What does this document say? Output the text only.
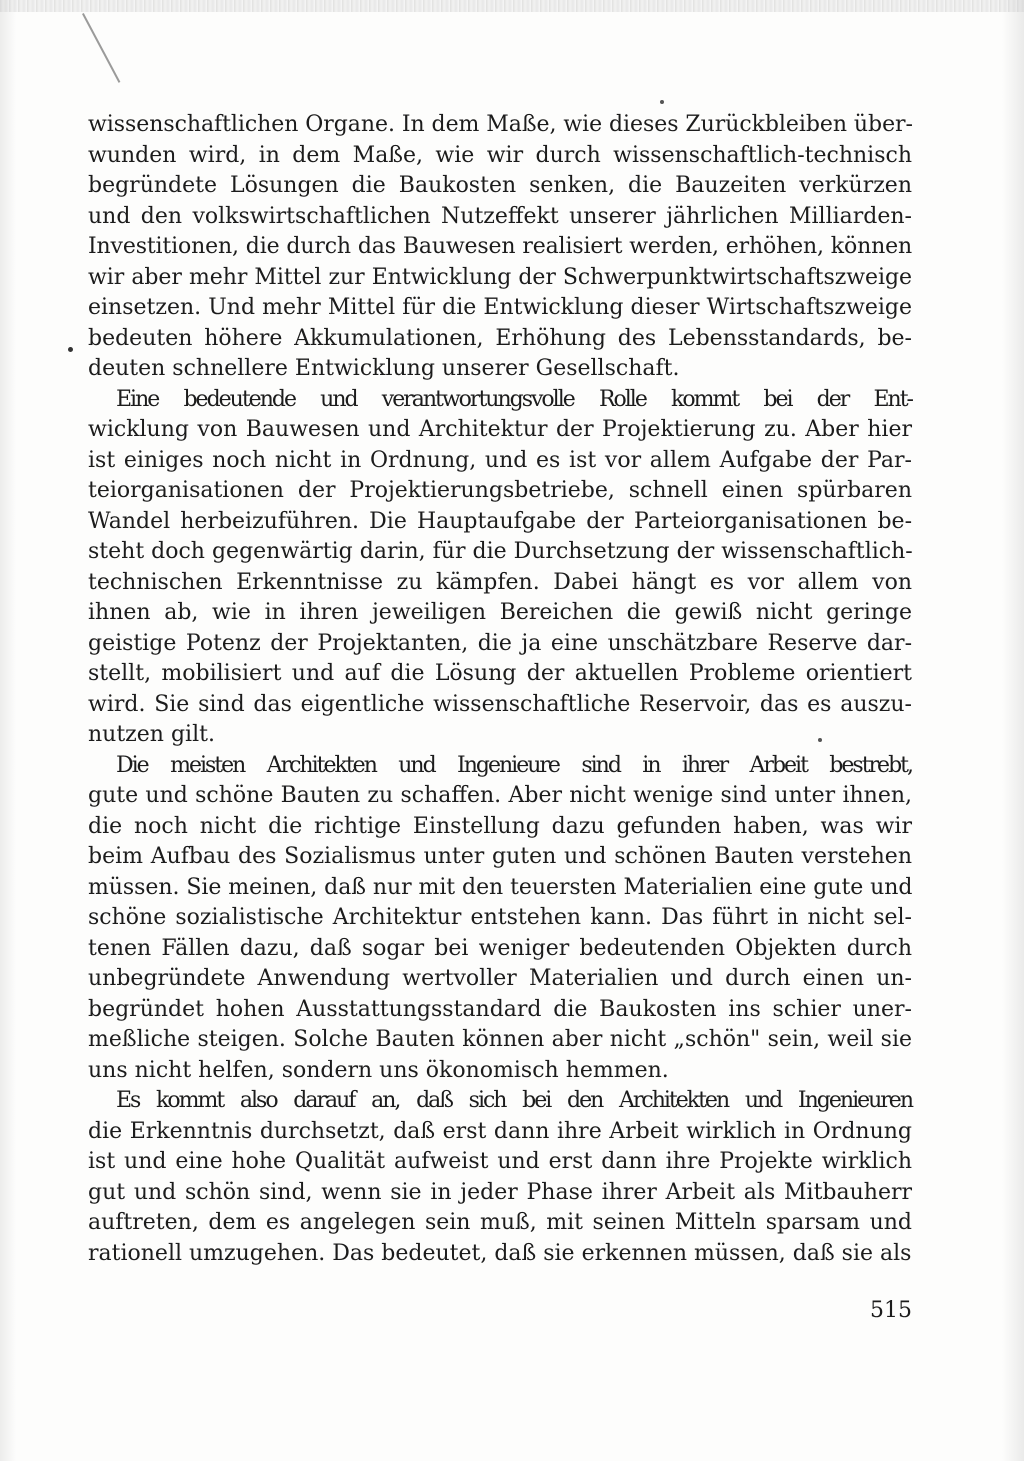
wissenschaftlichen Organe. In dem Maße, wie dieses Zurückbleiben über-
wunden wird, in dem Maße, wie wir durch wissenschaftlich-technisch
begründete Lösungen die Baukosten senken, die Bauzeiten verkürzen
und den volkswirtschaftlichen Nutzeffekt unserer jährlichen Milliarden-
Investitionen, die durch das Bauwesen realisiert werden, erhöhen, können
wir aber mehr Mittel zur Entwicklung der Schwerpunktwirtschaftszweige
einsetzen. Und mehr Mittel für die Entwicklung dieser Wirtschaftszweige
bedeuten höhere Akkumulationen, Erhöhung des Lebensstandards, be-
deuten schnellere Entwicklung unserer Gesellschaft.

Eine bedeutende und verantwortungsvolle Rolle kommt bei der Ent-
wicklung von Bauwesen und Architektur der Projektierung zu. Aber hier
ist einiges noch nicht in Ordnung, und es ist vor allem Aufgabe der Par-
teiorganisationen der Projektierungsbetriebe, schnell einen spürbaren
Wandel herbeizuführen. Die Hauptaufgabe der Parteiorganisationen be-
steht doch gegenwärtig darin, für die Durchsetzung der wissenschaftlich-
technischen Erkenntnisse zu kämpfen. Dabei hängt es vor allem von
ihnen ab, wie in ihren jeweiligen Bereichen die gewiß nicht geringe
geistige Potenz der Projektanten, die ja eine unschätzbare Reserve dar-
stellt, mobilisiert und auf die Lösung der aktuellen Probleme orientiert
wird. Sie sind das eigentliche wissenschaftliche Reservoir, das es auszu-
nutzen gilt.

Die meisten Architekten und Ingenieure sind in ihrer Arbeit bestrebt,
gute und schöne Bauten zu schaffen. Aber nicht wenige sind unter ihnen,
die noch nicht die richtige Einstellung dazu gefunden haben, was wir
beim Aufbau des Sozialismus unter guten und schönen Bauten verstehen
müssen. Sie meinen, daß nur mit den teuersten Materialien eine gute und
schöne sozialistische Architektur entstehen kann. Das führt in nicht sel-
tenen Fällen dazu, daß sogar bei weniger bedeutenden Objekten durch
unbegründete Anwendung wertvoller Materialien und durch einen un-
begründet hohen Ausstattungsstandard die Baukosten ins schier uner-
meßliche steigen. Solche Bauten können aber nicht „schön" sein, weil sie
uns nicht helfen, sondern uns ökonomisch hemmen.

Es kommt also darauf an, daß sich bei den Architekten und Ingenieuren
die Erkenntnis durchsetzt, daß erst dann ihre Arbeit wirklich in Ordnung
ist und eine hohe Qualität aufweist und erst dann ihre Projekte wirklich
gut und schön sind, wenn sie in jeder Phase ihrer Arbeit als Mitbauherr
auftreten, dem es angelegen sein muß, mit seinen Mitteln sparsam und
rationell umzugehen. Das bedeutet, daß sie erkennen müssen, daß sie als

515
